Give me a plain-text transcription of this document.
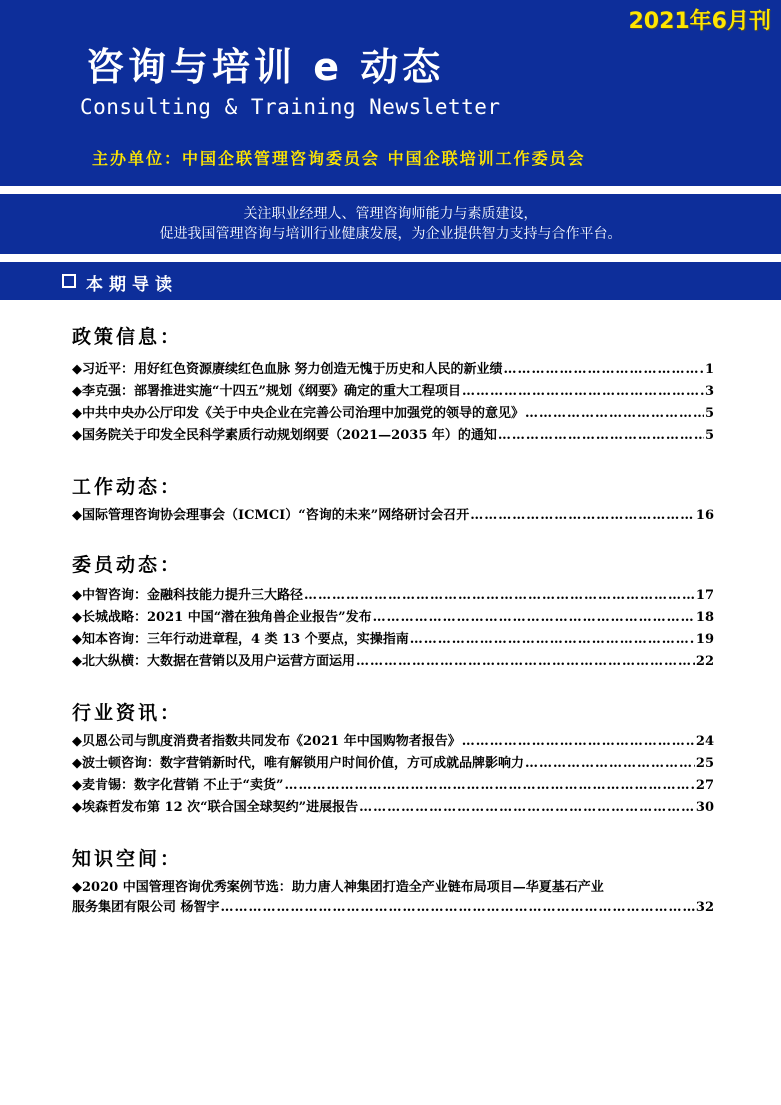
2021年6月刊
咨询与培训 e 动态
Consulting & Training Newsletter
主办单位：中国企联管理咨询委员会 中国企联培训工作委员会
关注职业经理人、管理咨询师能力与素质建设，
促进我国管理咨询与培训行业健康发展，为企业提供智力支持与合作平台。
本期导读
政策信息：
◆习近平：用好红色资源赓续红色血脉 努力创造无愧于历史和人民的新业绩 ……………………………………………………………………………………………………………………………………………………	1
◆李克强：部署推进实施“十四五”规划《纲要》确定的重大工程项目 ……………………………………………………………………………………………………………………………………………………	3
◆中共中央办公厅印发《关于中央企业在完善公司治理中加强党的领导的意见》 ……………………………………………………………………………………………………………………………………………………	5
◆国务院关于印发全民科学素质行动规划纲要（2021—2035 年）的通知 ……………………………………………………………………………………………………………………………………………………	5
工作动态：
◆国际管理咨询协会理事会（ICMCI）“咨询的未来”网络研讨会召开 ……………………………………………………………………………………………………………………………………………………	16
委员动态：
◆中智咨询：金融科技能力提升三大路径 ……………………………………………………………………………………………………………………………………………………	17
◆长城战略：2021 中国“潜在独角兽企业报告”发布 ……………………………………………………………………………………………………………………………………………………	18
◆知本咨询：三年行动进章程，4 类 13 个要点，实操指南 ……………………………………………………………………………………………………………………………………………………	19
◆北大纵横：大数据在营销以及用户运营方面运用 ……………………………………………………………………………………………………………………………………………………	22
行业资讯：
◆贝恩公司与凯度消费者指数共同发布《2021 年中国购物者报告》 ……………………………………………………………………………………………………………………………………………………	24
◆波士顿咨询：数字营销新时代，唯有解锁用户时间价值，方可成就品牌影响力 ……………………………………………………………………………………………………………………………………………………	25
◆麦肯锡：数字化营销 不止于“卖货” ……………………………………………………………………………………………………………………………………………………	27
◆埃森哲发布第 12 次“联合国全球契约”进展报告 ……………………………………………………………………………………………………………………………………………………	30
知识空间：
◆2020 中国管理咨询优秀案例节选：助力唐人神集团打造全产业链布局项目—华夏基石产业
服务集团有限公司 杨智宇 ……………………………………………………………………………………………………………………………………………………	32
